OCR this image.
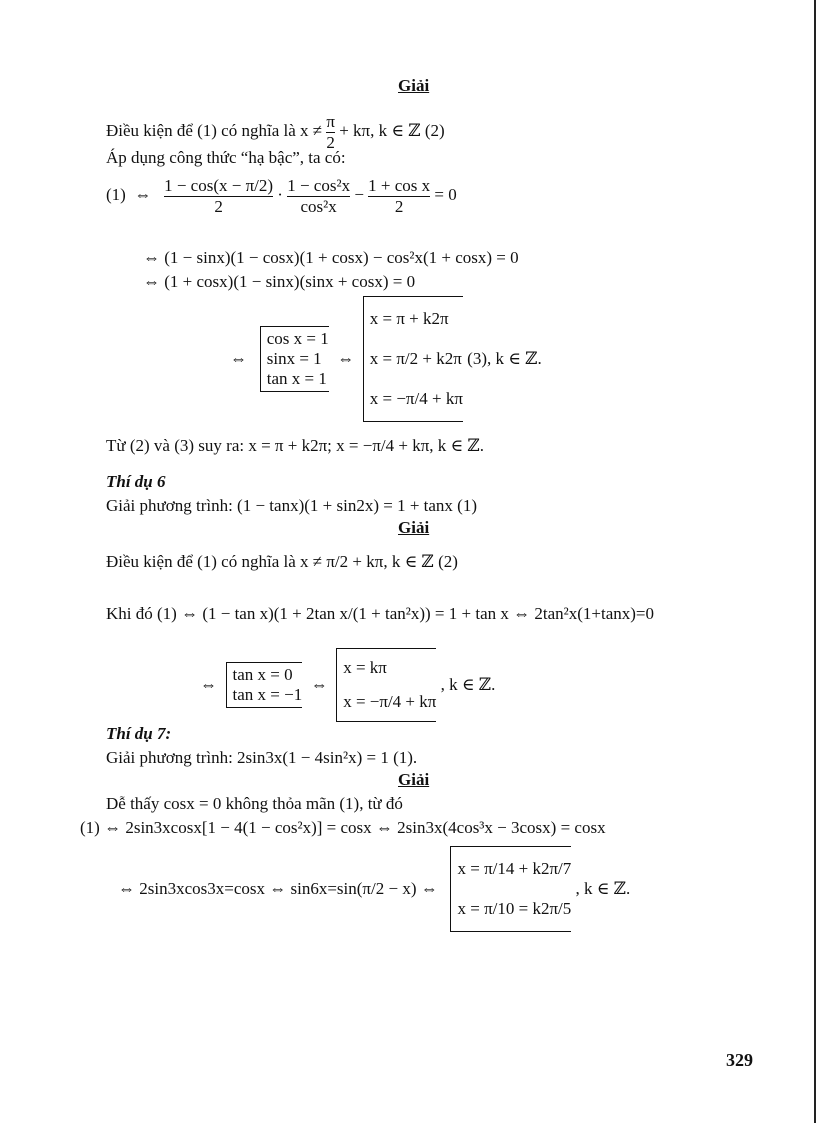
Giải
Điều kiện để (1) có nghĩa là $x \ne \frac{\pi}{2} + k\pi$, k ∈ ℤ (2)
Áp dụng công thức “hạ bậc”, ta có:
(1)  ⇔ $\frac{1 - \cos(x - \pi/2)}{2} \cdot \frac{\text{1 − cos²x}}{\text{cos²x}} - \frac{\text{1 + cos x}}{2} = 0$
⇔ (1 − sinx)(1 − cosx)(1 + cosx) − cos²x(1 + cosx) = 0
⇔ (1 + cosx)(1 − sinx)(sinx + cosx) = 0
⇔
cos x = 1
sinx = 1
tan x = 1
⇔
x = π + k2π
x = π/2 + k2π
x = −π/4 + kπ
(3), k ∈ ℤ.
Từ (2) và (3) suy ra: x = π + k2π; x = −π/4 + kπ, k ∈ ℤ.
Thí dụ 6
Giải phương trình: (1 − tanx)(1 + sin2x) = 1 + tanx (1)
Giải
Điều kiện để (1) có nghĩa là x ≠ π/2 + kπ, k ∈ ℤ (2)
Khi đó (1) ⇔ (1 − tan x)(1 + 2tan x/(1 + tan²x)) = 1 + tan x ⇔ 2tan²x(1+tanx)=0
⇔
tan x = 0
tan x = −1
⇔
x = kπ
x = −π/4 + kπ
, k ∈ ℤ.
Thí dụ 7:
Giải phương trình: 2sin3x(1 − 4sin²x) = 1 (1).
Giải
Dễ thấy cosx = 0 không thỏa mãn (1), từ đó
(1) ⇔ 2sin3xcosx[1 − 4(1 − cos²x)] = cosx ⇔ 2sin3x(4cos³x − 3cosx) = cosx
⇔ 2sin3xcos3x=cosx ⇔ sin6x=sin(π/2 − x) ⇔
x = π/14 + k2π/7
x = π/10 = k2π/5
, k ∈ ℤ.
329
